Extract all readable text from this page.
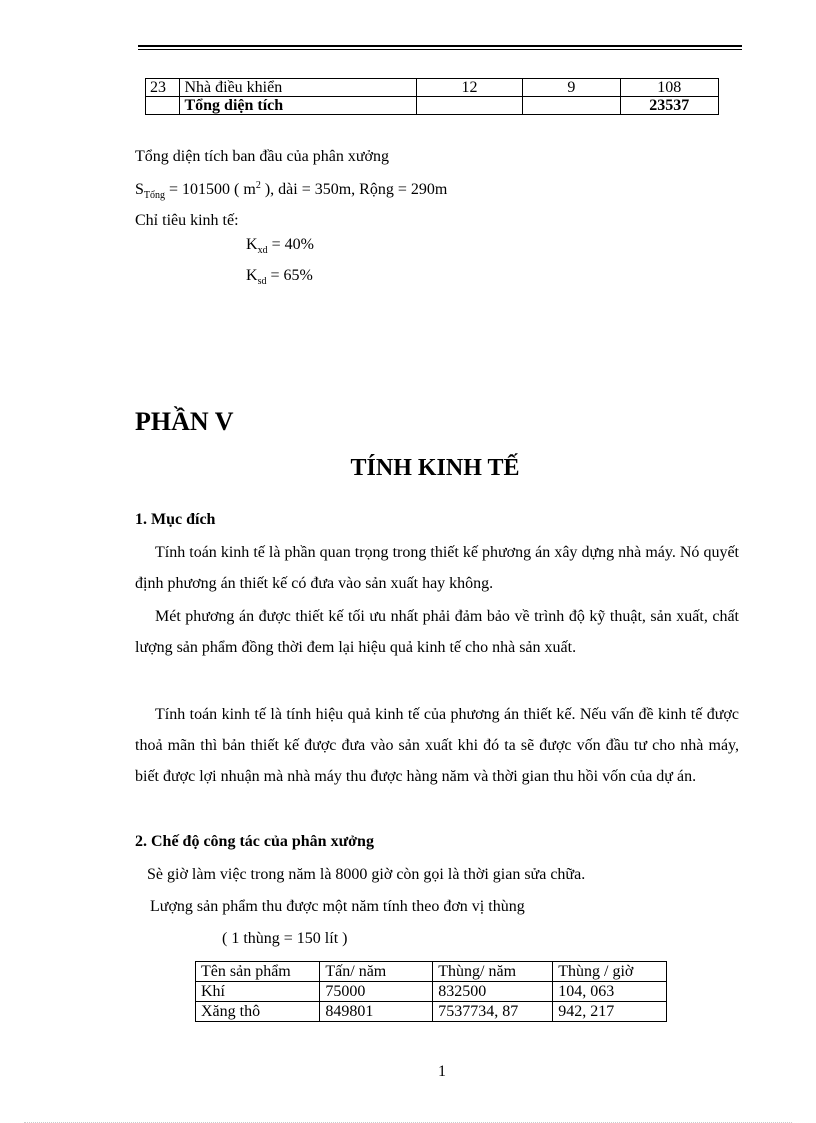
23	Nhà điều khiển	12	9	108
	Tổng diện tích			23537
Tổng diện tích ban đầu của phân xưởng
$S_{Tổng} = 101500$ ( $m^2$ ), dài = 350m, Rộng = 290m
Chỉ tiêu kinh tế:
$K_{xd} = 40\%$
$K_{sd} = 65\%$
PHẦN V
TÍNH KINH TẾ
1. Mục đích
Tính toán kinh tế là phần quan trọng trong thiết kế phương án xây dựng nhà máy. Nó quyết định phương án thiết kế có đưa vào sản xuất hay không.
Mét phương án được thiết kế tối ưu nhất phải đảm bảo về trình độ kỹ thuật, sản xuất, chất lượng sản phẩm đồng thời đem lại hiệu quả kinh tế cho nhà sản xuất.
Tính toán kinh tế là tính hiệu quả kinh tế của phương án thiết kế. Nếu vấn đề kinh tế được thoả mãn thì bản thiết kế được đưa vào sản xuất khi đó ta sẽ được vốn đầu tư cho nhà máy, biết được lợi nhuận mà nhà máy thu được hàng năm và thời gian thu hồi vốn của dự án.
2. Chế độ công tác của phân xưởng
Sè giờ làm việc trong năm là 8000 giờ còn gọi là thời gian sửa chữa.
Lượng sản phẩm thu được một năm tính theo đơn vị thùng
( 1 thùng = 150 lít )
Tên sản phẩm	Tấn/ năm	Thùng/ năm	Thùng / giờ
Khí	75000	832500	104, 063
Xăng thô	849801	7537734, 87	942, 217
1
